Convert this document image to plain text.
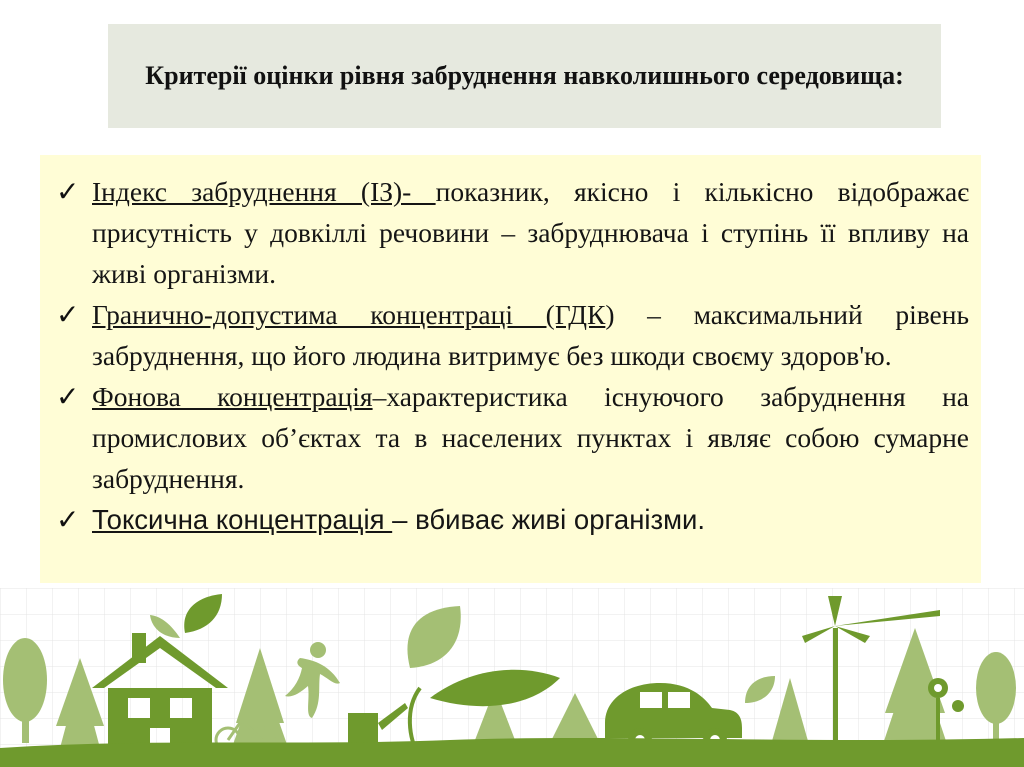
Критерії оцінки рівня забруднення навколишнього середовища:
✓ Індекс забруднення (ІЗ)- показник, якісно і кількісно відображає присутність у довкіллі речовини – забруднювача і ступінь її впливу на живі організми.
✓ Гранично-допустима концентраці (ГДК) – максимальний рівень забруднення, що його людина витримує без шкоди своєму здоров'ю.
✓ Фонова концентрація–характеристика існуючого забруднення на промислових об’єктах та в населених пунктах і являє собою сумарне забруднення.
✓ Токсична концентрація – вбиває живі організми.
